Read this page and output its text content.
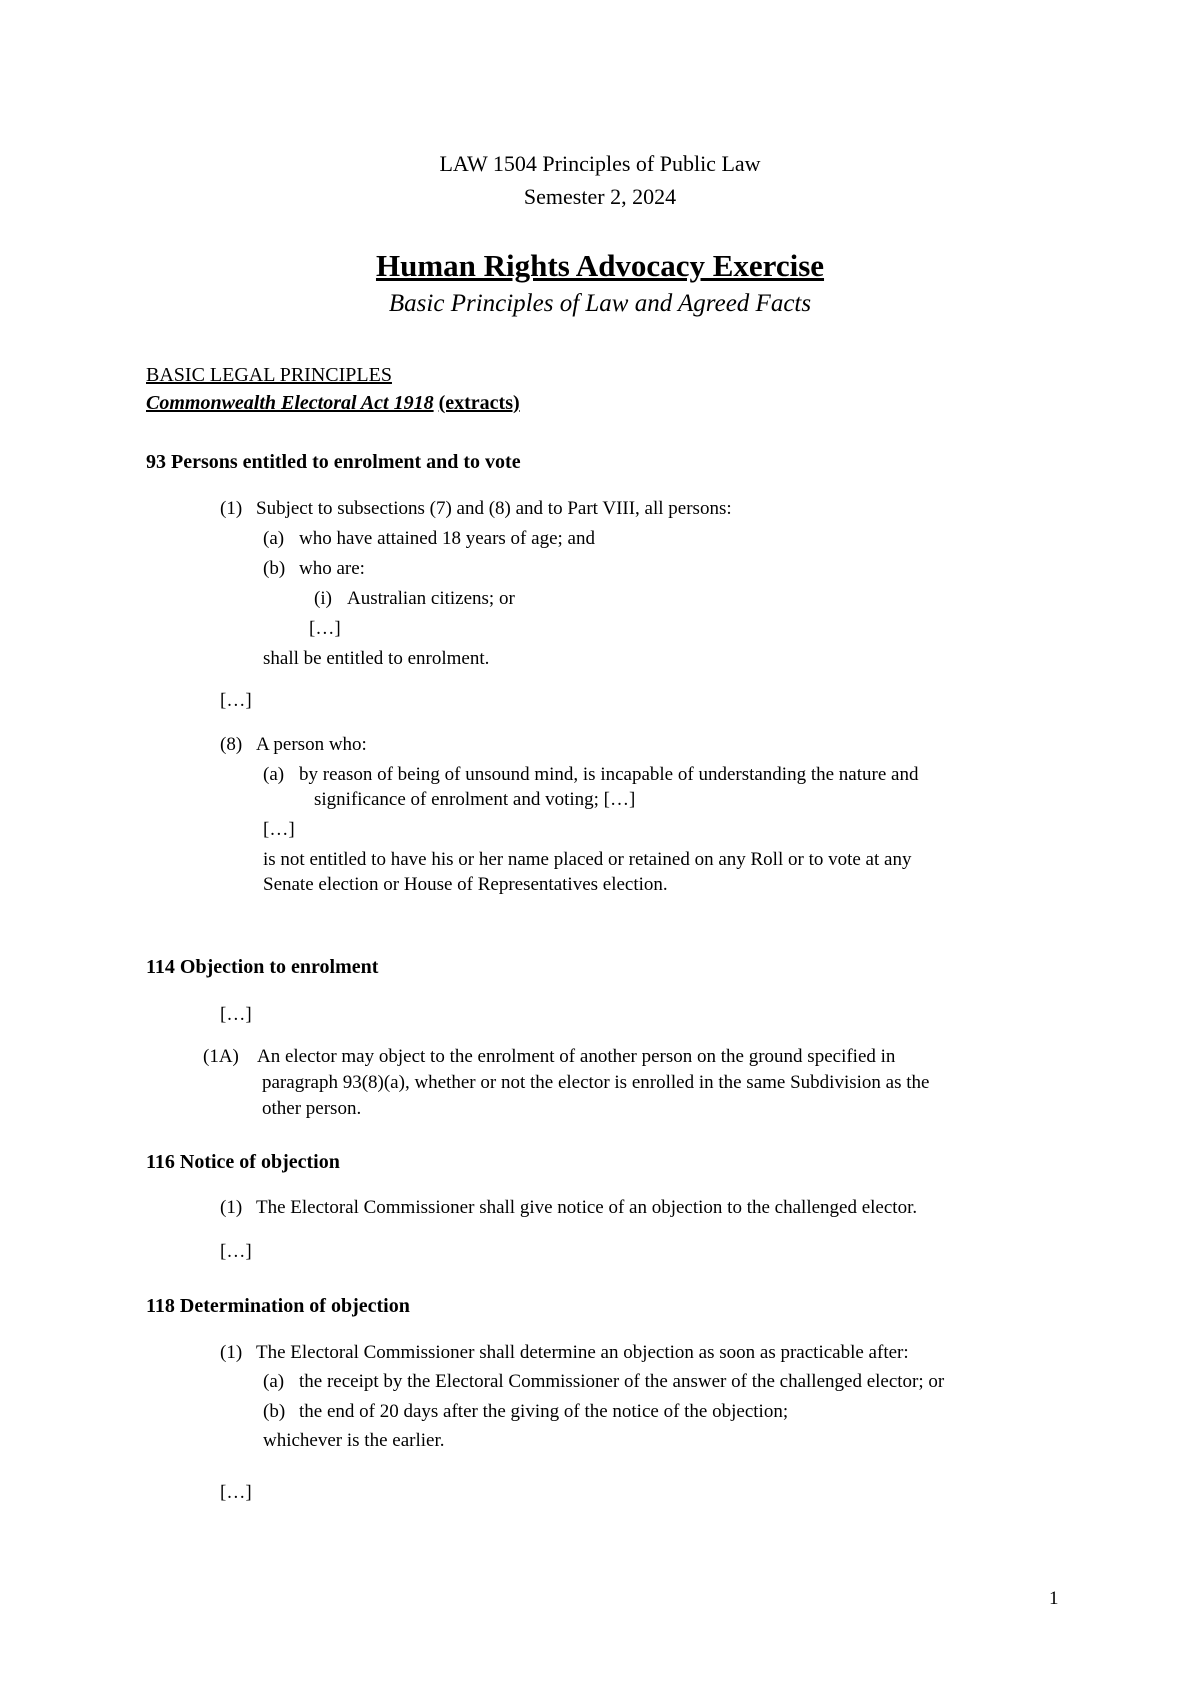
LAW 1504 Principles of Public Law
Semester 2, 2024
Human Rights Advocacy Exercise
Basic Principles of Law and Agreed Facts
BASIC LEGAL PRINCIPLES
Commonwealth Electoral Act 1918 (extracts)
93 Persons entitled to enrolment and to vote
(1) Subject to subsections (7) and (8) and to Part VIII, all persons:
(a) who have attained 18 years of age; and
(b) who are:
(i) Australian citizens; or
[…]
shall be entitled to enrolment.
[…]
(8) A person who:
(a) by reason of being of unsound mind, is incapable of understanding the nature and
significance of enrolment and voting; […]
[…]
is not entitled to have his or her name placed or retained on any Roll or to vote at any
Senate election or House of Representatives election.
114 Objection to enrolment
[…]
(1A) An elector may object to the enrolment of another person on the ground specified in
paragraph 93(8)(a), whether or not the elector is enrolled in the same Subdivision as the
other person.
116 Notice of objection
(1) The Electoral Commissioner shall give notice of an objection to the challenged elector.
[…]
118 Determination of objection
(1) The Electoral Commissioner shall determine an objection as soon as practicable after:
(a) the receipt by the Electoral Commissioner of the answer of the challenged elector; or
(b) the end of 20 days after the giving of the notice of the objection;
whichever is the earlier.
[…]
1
